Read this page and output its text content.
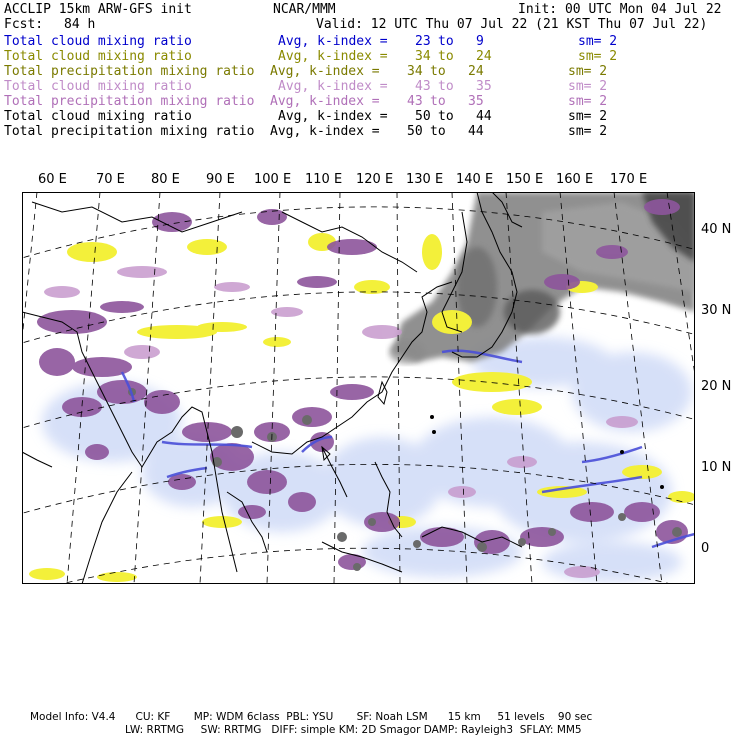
ACCLIP 15km ARW-GFS init	NCAR/MMM	Init: 00 UTC Mon 04 Jul 22
Fcst: 84 h	Valid: 12 UTC Thu 07 Jul 22 (21 KST Thu 07 Jul 22)
Total cloud mixing ratio	Avg, k-index = 23 to 9	sm= 2
Total cloud mixing ratio	Avg, k-index = 34 to 24	sm= 2
Total precipitation mixing ratio Avg, k-index = 34 to 24	sm= 2
Total cloud mixing ratio	Avg, k-index = 43 to 35	sm= 2
Total precipitation mixing ratio Avg, k-index = 43 to 35	sm= 2
Total cloud mixing ratio	Avg, k-index = 50 to 44	sm= 2
Total precipitation mixing ratio Avg, k-index = 50 to 44	sm= 2
60 E 70 E 80 E 90 E 100 E 110 E 120 E 130 E 140 E 150 E 160 E 170 E
40 N
30 N
20 N
10 N
0
Model Info: V4.4      CU: KF       MP: WDM 6class  PBL: YSU       SF: Noah LSM      15 km     51 levels    90 sec
LW: RRTMG     SW: RRTMG   DIFF: simple KM: 2D Smagor DAMP: Rayleigh3  SFLAY: MM5
